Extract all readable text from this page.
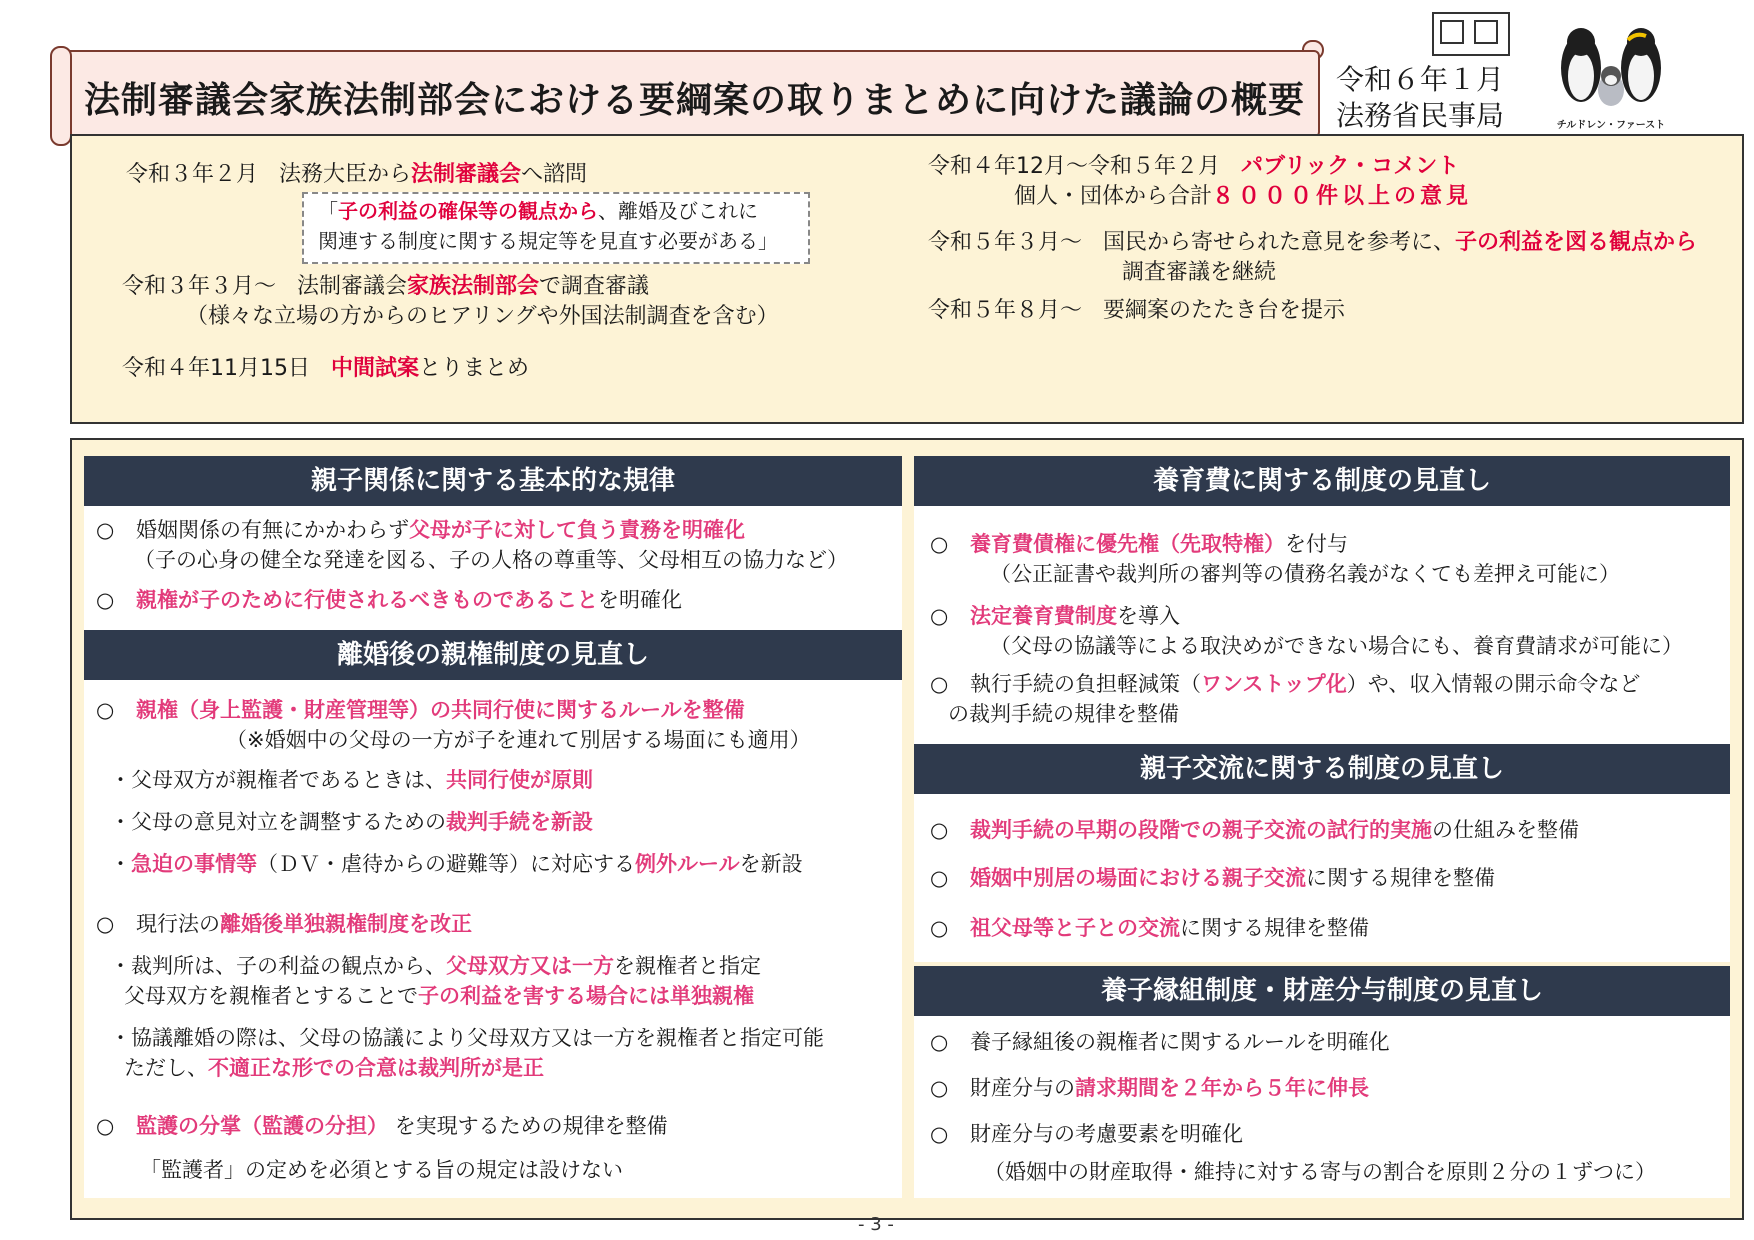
法制審議会家族法制部会における要綱案の取りまとめに向けた議論の概要
令和６年１月
法務省民事局	チルドレン・ファースト
令和３年２月 法務大臣から法制審議会へ諮問
「子の利益の確保等の観点から、離婚及びこれに
関連する制度に関する規定等を見直す必要がある」
令和３年３月～ 法制審議会家族法制部会で調査審議
（様々な立場の方からのヒアリングや外国法制調査を含む）
令和４年11月15日 中間試案とりまとめ
令和４年12月～令和５年２月 パブリック・コメント
個人・団体から合計８０００件以上の意見
令和５年３月～ 国民から寄せられた意見を参考に、子の利益を図る観点から
調査審議を継続
令和５年８月～ 要綱案のたたき台を提示
親子関係に関する基本的な規律
○ 婚姻関係の有無にかかわらず父母が子に対して負う責務を明確化
（子の心身の健全な発達を図る、子の人格の尊重等、父母相互の協力など）
○ 親権が子のために行使されるべきものであることを明確化
離婚後の親権制度の見直し
○ 親権（身上監護・財産管理等）の共同行使に関するルールを整備
（※婚姻中の父母の一方が子を連れて別居する場面にも適用）
・父母双方が親権者であるときは、共同行使が原則
・父母の意見対立を調整するための裁判手続を新設
・急迫の事情等（ＤＶ・虐待からの避難等）に対応する例外ルールを新設
○ 現行法の離婚後単独親権制度を改正
・裁判所は、子の利益の観点から、父母双方又は一方を親権者と指定
父母双方を親権者とすることで子の利益を害する場合には単独親権
・協議離婚の際は、父母の協議により父母双方又は一方を親権者と指定可能
ただし、不適正な形での合意は裁判所が是正
○ 監護の分掌（監護の分担） を実現するための規律を整備
「監護者」の定めを必須とする旨の規定は設けない
養育費に関する制度の見直し
○ 養育費債権に優先権（先取特権）を付与
（公正証書や裁判所の審判等の債務名義がなくても差押え可能に）
○ 法定養育費制度を導入
（父母の協議等による取決めができない場合にも、養育費請求が可能に）
○ 執行手続の負担軽減策（ワンストップ化）や、収入情報の開示命令など
の裁判手続の規律を整備
親子交流に関する制度の見直し
○ 裁判手続の早期の段階での親子交流の試行的実施の仕組みを整備
○ 婚姻中別居の場面における親子交流に関する規律を整備
○ 祖父母等と子との交流に関する規律を整備
養子縁組制度・財産分与制度の見直し
○ 養子縁組後の親権者に関するルールを明確化
○ 財産分与の請求期間を２年から５年に伸長
○ 財産分与の考慮要素を明確化
（婚姻中の財産取得・維持に対する寄与の割合を原則２分の１ずつに）
- 3 -
